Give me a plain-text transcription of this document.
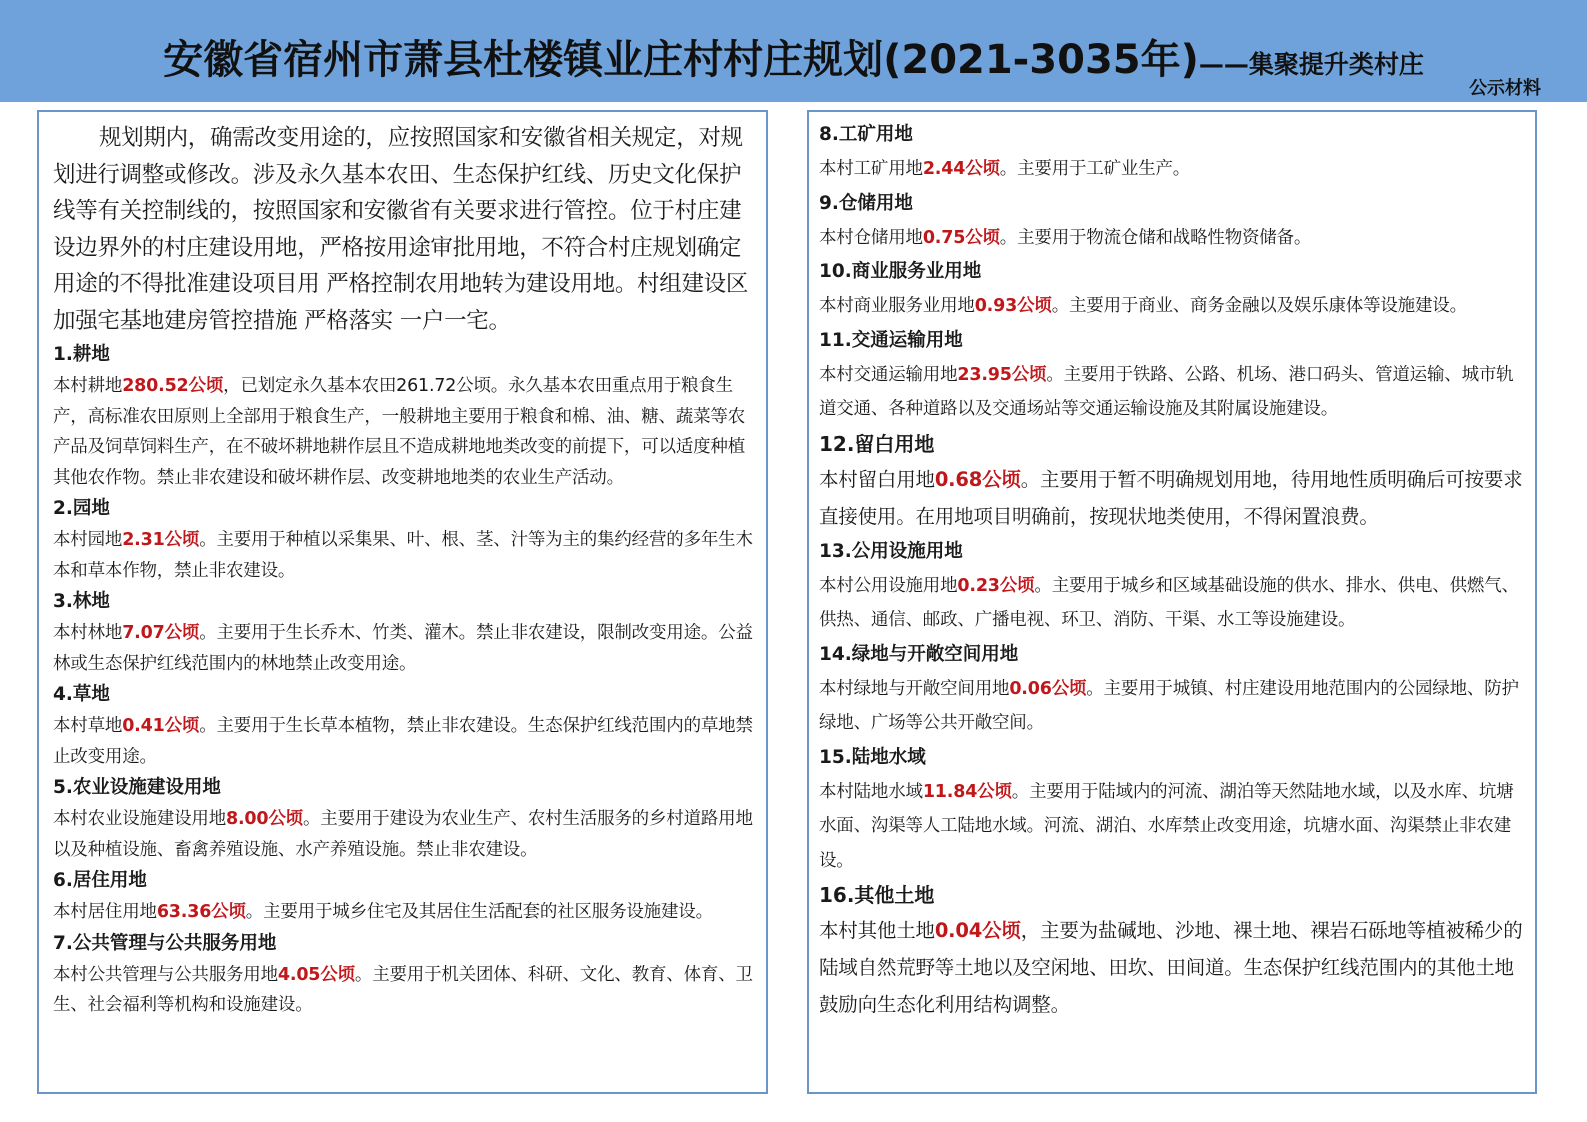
安徽省宿州市萧县杜楼镇业庄村村庄规划(2021-3035年)——集聚提升类村庄
公示材料

规划期内，确需改变用途的，应按照国家和安徽省相关规定，对规划进行调整或修改。涉及永久基本农田、生态保护红线、历史文化保护线等有关控制线的，按照国家和安徽省有关要求进行管控。位于村庄建设边界外的村庄建设用地，严格按用途审批用地，不符合村庄规划确定用途的不得批准建设项目用 严格控制农用地转为建设用地。村组建设区加强宅基地建房管控措施 严格落实 一户一宅。

1.耕地
本村耕地280.52公顷，已划定永久基本农田261.72公顷。永久基本农田重点用于粮食生产，高标准农田原则上全部用于粮食生产，一般耕地主要用于粮食和棉、油、糖、蔬菜等农产品及饲草饲料生产，在不破坏耕地耕作层且不造成耕地地类改变的前提下，可以适度种植其他农作物。禁止非农建设和破坏耕作层、改变耕地地类的农业生产活动。
2.园地
本村园地2.31公顷。主要用于种植以采集果、叶、根、茎、汁等为主的集约经营的多年生木本和草本作物，禁止非农建设。
3.林地
本村林地7.07公顷。主要用于生长乔木、竹类、灌木。禁止非农建设，限制改变用途。公益林或生态保护红线范围内的林地禁止改变用途。
4.草地
本村草地0.41公顷。主要用于生长草本植物，禁止非农建设。生态保护红线范围内的草地禁止改变用途。
5.农业设施建设用地
本村农业设施建设用地8.00公顷。主要用于建设为农业生产、农村生活服务的乡村道路用地以及种植设施、畜禽养殖设施、水产养殖设施。禁止非农建设。
6.居住用地
本村居住用地63.36公顷。主要用于城乡住宅及其居住生活配套的社区服务设施建设。
7.公共管理与公共服务用地
本村公共管理与公共服务用地4.05公顷。主要用于机关团体、科研、文化、教育、体育、卫生、社会福利等机构和设施建设。
8.工矿用地
本村工矿用地2.44公顷。主要用于工矿业生产。
9.仓储用地
本村仓储用地0.75公顷。主要用于物流仓储和战略性物资储备。
10.商业服务业用地
本村商业服务业用地0.93公顷。主要用于商业、商务金融以及娱乐康体等设施建设。
11.交通运输用地
本村交通运输用地23.95公顷。主要用于铁路、公路、机场、港口码头、管道运输、城市轨道交通、各种道路以及交通场站等交通运输设施及其附属设施建设。
12.留白用地
本村留白用地0.68公顷。主要用于暂不明确规划用地，待用地性质明确后可按要求直接使用。在用地项目明确前，按现状地类使用，不得闲置浪费。
13.公用设施用地
本村公用设施用地0.23公顷。主要用于城乡和区域基础设施的供水、排水、供电、供燃气、供热、通信、邮政、广播电视、环卫、消防、干渠、水工等设施建设。
14.绿地与开敞空间用地
本村绿地与开敞空间用地0.06公顷。主要用于城镇、村庄建设用地范围内的公园绿地、防护绿地、广场等公共开敞空间。
15.陆地水域
本村陆地水域11.84公顷。主要用于陆域内的河流、湖泊等天然陆地水域，以及水库、坑塘水面、沟渠等人工陆地水域。河流、湖泊、水库禁止改变用途，坑塘水面、沟渠禁止非农建设。
16.其他土地
本村其他土地0.04公顷，主要为盐碱地、沙地、裸土地、裸岩石砾地等植被稀少的陆域自然荒野等土地以及空闲地、田坎、田间道。生态保护红线范围内的其他土地鼓励向生态化利用结构调整。
